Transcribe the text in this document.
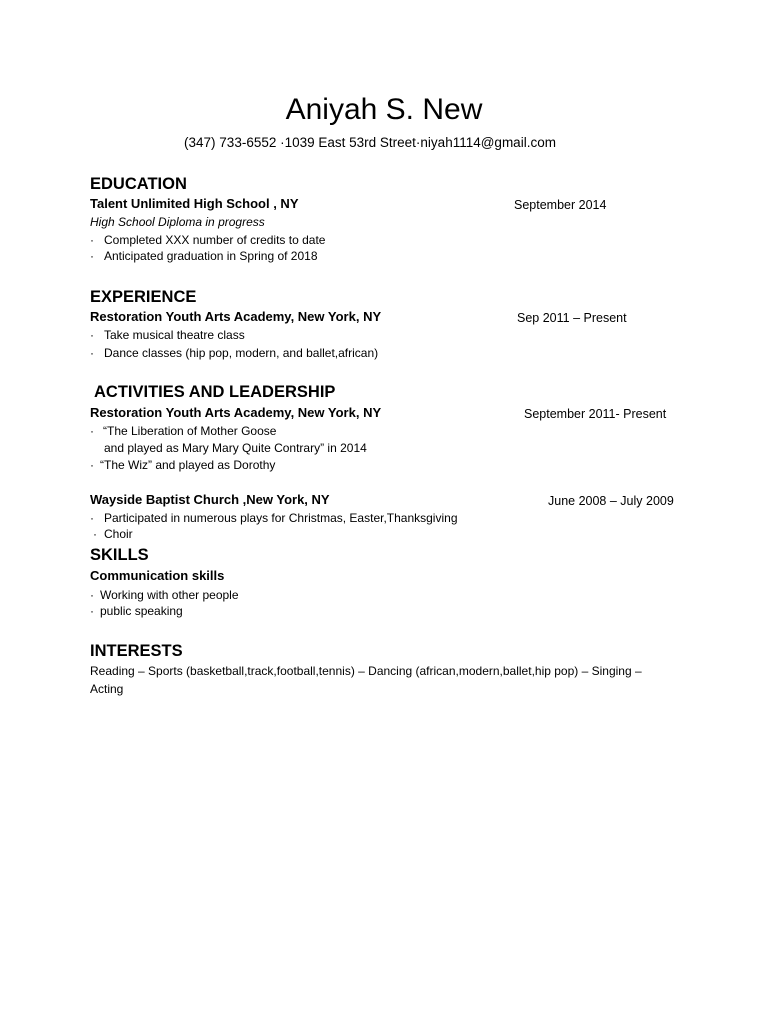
Aniyah S. New
(347) 733-6552 ·1039 East 53rd Street·niyah1114@gmail.com
EDUCATION
Talent Unlimited High School , NY	September 2014
High School Diploma in progress
· Completed XXX number of credits to date
· Anticipated graduation in Spring of 2018
EXPERIENCE
Restoration Youth Arts Academy, New York, NY	Sep 2011 – Present
· Take musical theatre class
· Dance classes (hip pop, modern, and ballet,african)
ACTIVITIES AND LEADERSHIP
Restoration Youth Arts Academy, New York, NY	September 2011- Present
· “The Liberation of Mother Goose
and played as Mary Mary Quite Contrary” in 2014
· “The Wiz” and played as Dorothy
Wayside Baptist Church ,New York, NY	June 2008 – July 2009
· Participated in numerous plays for Christmas, Easter,Thanksgiving
· Choir
SKILLS
Communication skills
· Working with other people
· public speaking
INTERESTS
Reading – Sports (basketball,track,football,tennis) – Dancing (african,modern,ballet,hip pop) – Singing –
Acting
